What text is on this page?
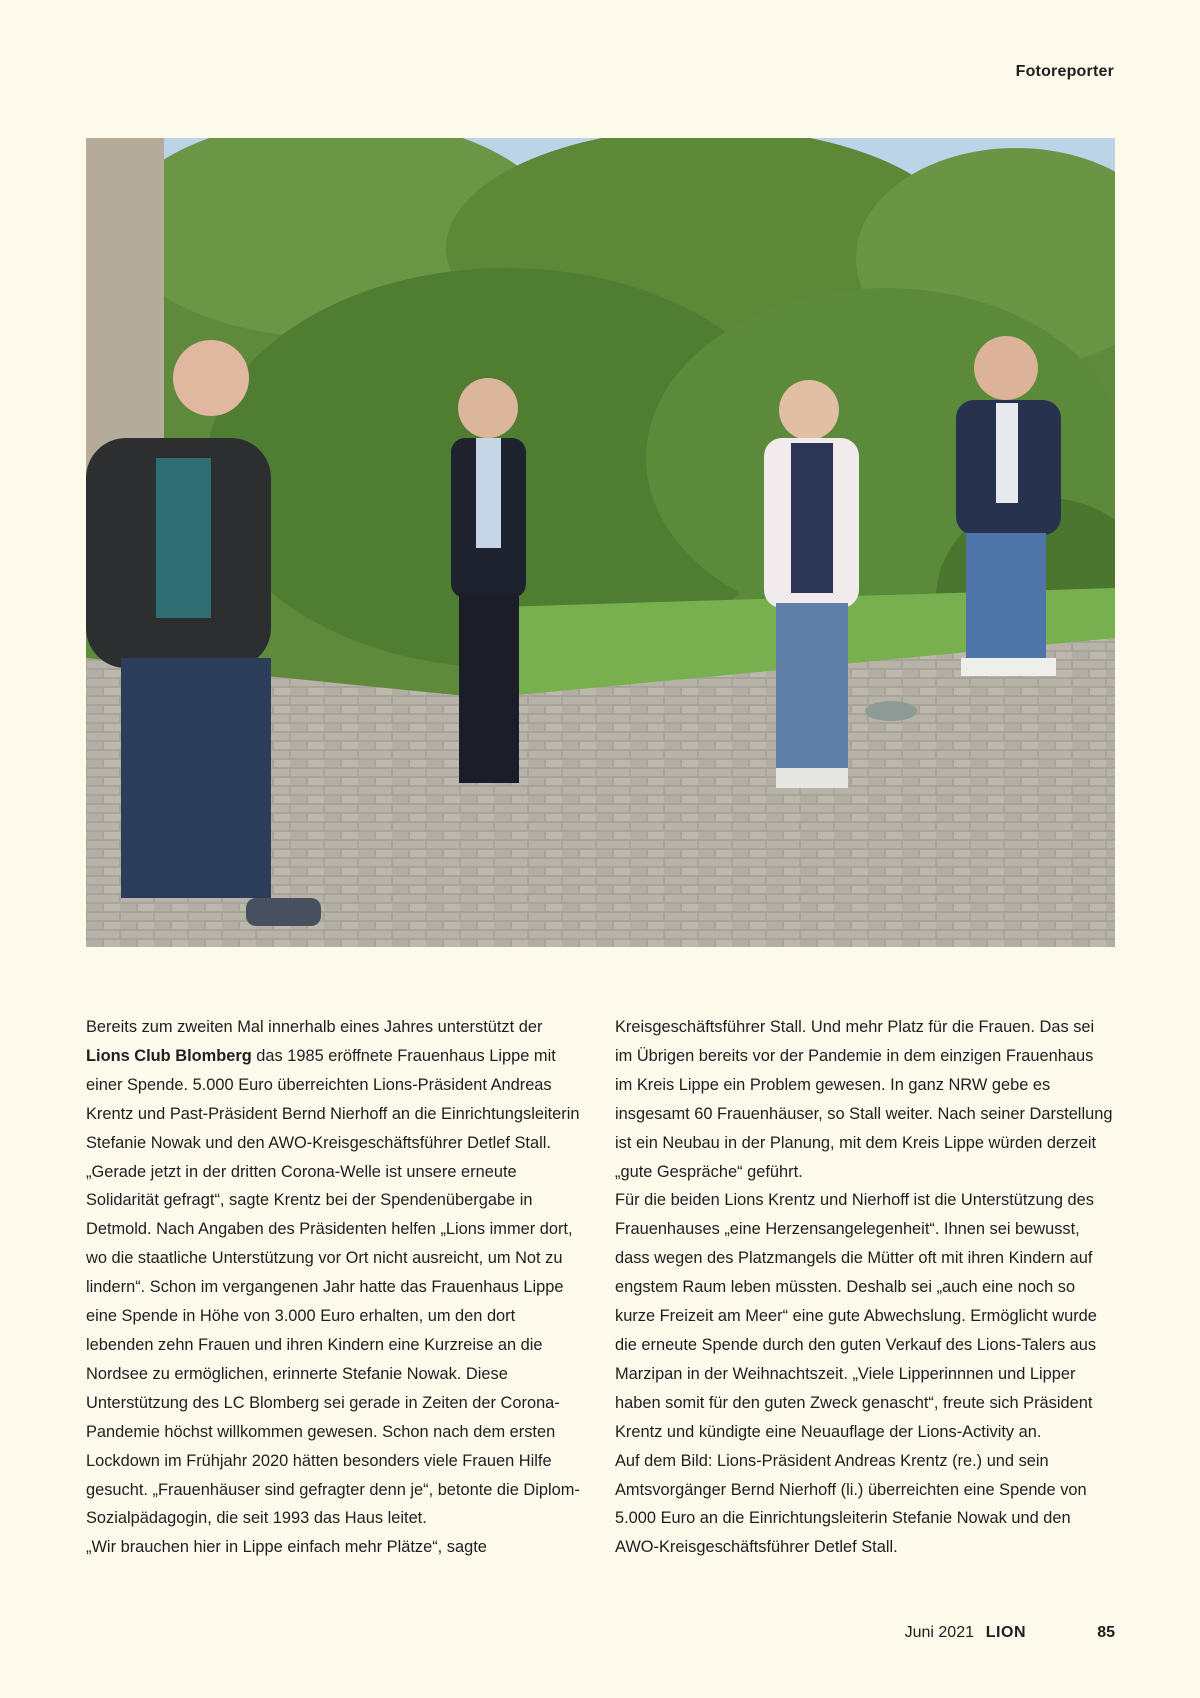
Fotoreporter

Bereits zum zweiten Mal innerhalb eines Jahres unterstützt der Lions Club Blomberg das 1985 eröffnete Frauenhaus Lippe mit einer Spende. 5.000 Euro überreichten Lions-Präsident Andreas Krentz und Past-Präsident Bernd Nierhoff an die Einrichtungsleiterin Stefanie Nowak und den AWO-Kreisgeschäftsführer Detlef Stall. „Gerade jetzt in der dritten Corona-Welle ist unsere erneute Solidarität gefragt“, sagte Krentz bei der Spendenübergabe in Detmold. Nach Angaben des Präsidenten helfen „Lions immer dort, wo die staatliche Unterstützung vor Ort nicht ausreicht, um Not zu lindern“. Schon im vergangenen Jahr hatte das Frauenhaus Lippe eine Spende in Höhe von 3.000 Euro erhalten, um den dort lebenden zehn Frauen und ihren Kindern eine Kurzreise an die Nordsee zu ermöglichen, erinnerte Stefanie Nowak. Diese Unterstützung des LC Blomberg sei gerade in Zeiten der Corona-Pandemie höchst willkommen gewesen. Schon nach dem ersten Lockdown im Frühjahr 2020 hätten besonders viele Frauen Hilfe gesucht. „Frauenhäuser sind gefragter denn je“, betonte die Diplom-Sozialpädagogin, die seit 1993 das Haus leitet.

„Wir brauchen hier in Lippe einfach mehr Plätze“, sagte

Kreisgeschäftsführer Stall. Und mehr Platz für die Frauen. Das sei im Übrigen bereits vor der Pandemie in dem einzigen Frauenhaus im Kreis Lippe ein Problem gewesen. In ganz NRW gebe es insgesamt 60 Frauenhäuser, so Stall weiter. Nach seiner Darstellung ist ein Neubau in der Planung, mit dem Kreis Lippe würden derzeit „gute Gespräche“ geführt.

Für die beiden Lions Krentz und Nierhoff ist die Unterstützung des Frauenhauses „eine Herzensangelegenheit“. Ihnen sei bewusst, dass wegen des Platzmangels die Mütter oft mit ihren Kindern auf engstem Raum leben müssten. Deshalb sei „auch eine noch so kurze Freizeit am Meer“ eine gute Abwechslung. Ermöglicht wurde die erneute Spende durch den guten Verkauf des Lions-Talers aus Marzipan in der Weihnachtszeit. „Viele Lipperinnnen und Lipper haben somit für den guten Zweck genascht“, freute sich Präsident Krentz und kündigte eine Neuauflage der Lions-Activity an.

Auf dem Bild: Lions-Präsident Andreas Krentz (re.) und sein Amtsvorgänger Bernd Nierhoff (li.) überreichten eine Spende von 5.000 Euro an die Einrichtungsleiterin Stefanie Nowak und den AWO-Kreisgeschäftsführer Detlef Stall.

Juni 2021 LION	85
